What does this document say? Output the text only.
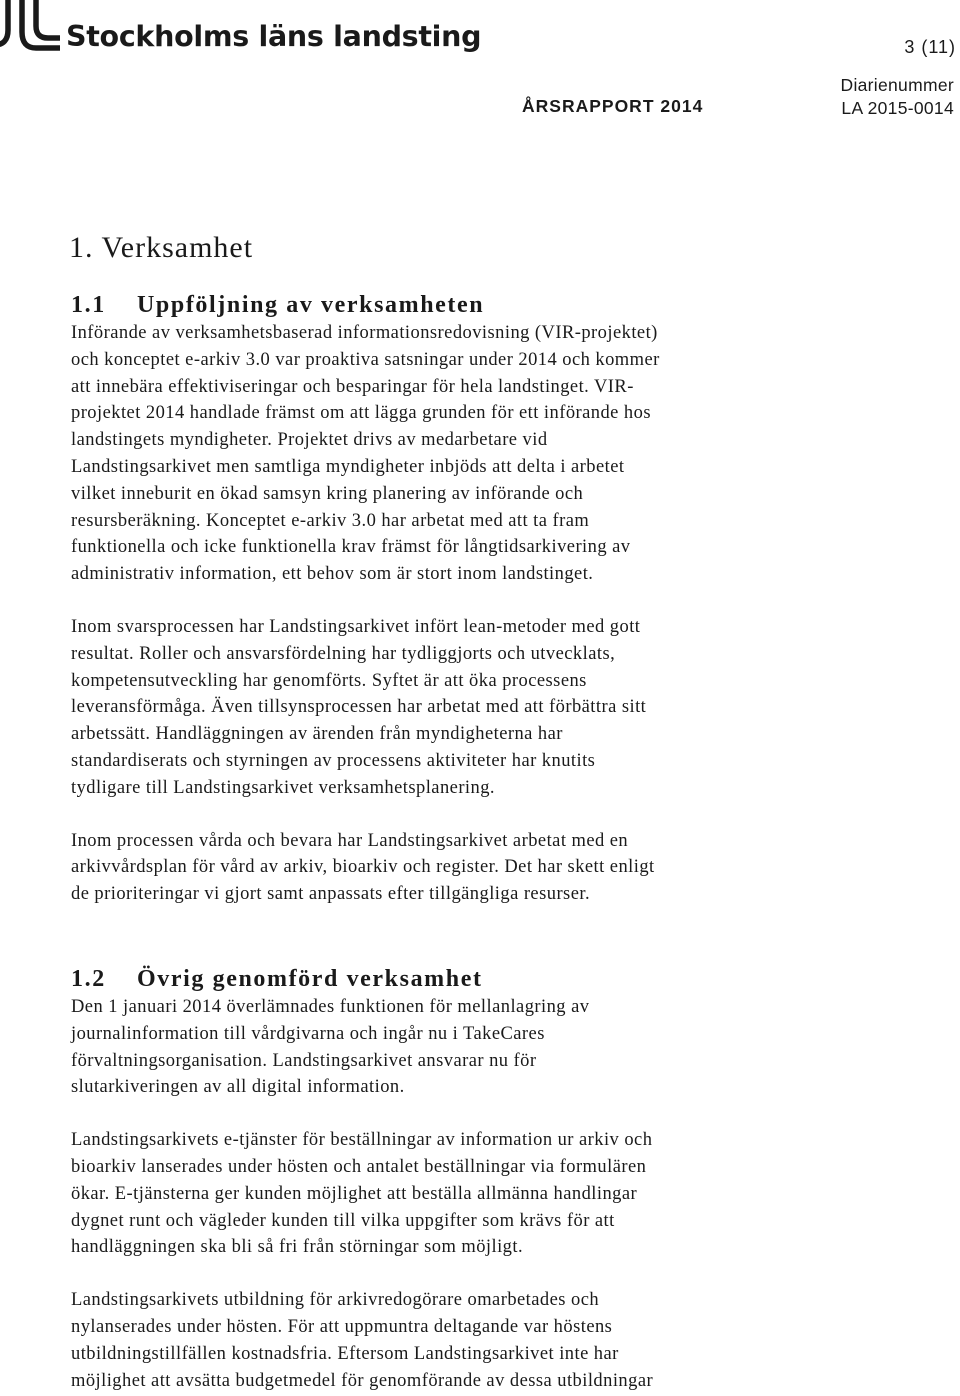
Stockholms läns landsting	3 (11)
ÅRSRAPPORT 2014
Diarienummer
LA 2015-0014
1. Verksamhet
1.1 Uppföljning av verksamheten

Införande av verksamhetsbaserad informationsredovisning (VIR-projektet)

och konceptet e-arkiv 3.0 var proaktiva satsningar under 2014 och kommer

att innebära effektiviseringar och besparingar för hela landstinget. VIR-

projektet 2014 handlade främst om att lägga grunden för ett införande hos

landstingets myndigheter. Projektet drivs av medarbetare vid

Landstingsarkivet men samtliga myndigheter inbjöds att delta i arbetet

vilket inneburit en ökad samsyn kring planering av införande och

resursberäkning. Konceptet e-arkiv 3.0 har arbetat med att ta fram

funktionella och icke funktionella krav främst för långtidsarkivering av

administrativ information, ett behov som är stort inom landstinget.

Inom svarsprocessen har Landstingsarkivet infört lean-metoder med gott

resultat. Roller och ansvarsfördelning har tydliggjorts och utvecklats,

kompetensutveckling har genomförts. Syftet är att öka processens

leveransförmåga. Även tillsynsprocessen har arbetat med att förbättra sitt

arbetssätt. Handläggningen av ärenden från myndigheterna har

standardiserats och styrningen av processens aktiviteter har knutits

tydligare till Landstingsarkivet verksamhetsplanering.

Inom processen vårda och bevara har Landstingsarkivet arbetat med en

arkivvårdsplan för vård av arkiv, bioarkiv och register. Det har skett enligt

de prioriteringar vi gjort samt anpassats efter tillgängliga resurser.

1.2 Övrig genomförd verksamhet

Den 1 januari 2014 överlämnades funktionen för mellanlagring av

journalinformation till vårdgivarna och ingår nu i TakeCares

förvaltningsorganisation. Landstingsarkivet ansvarar nu för

slutarkiveringen av all digital information.

Landstingsarkivets e-tjänster för beställningar av information ur arkiv och

bioarkiv lanserades under hösten och antalet beställningar via formulären

ökar. E-tjänsterna ger kunden möjlighet att beställa allmänna handlingar

dygnet runt och vägleder kunden till vilka uppgifter som krävs för att

handläggningen ska bli så fri från störningar som möjligt.

Landstingsarkivets utbildning för arkivredogörare omarbetades och

nylanserades under hösten. För att uppmuntra deltagande var höstens

utbildningstillfällen kostnadsfria. Eftersom Landstingsarkivet inte har

möjlighet att avsätta budgetmedel för genomförande av dessa utbildningar
